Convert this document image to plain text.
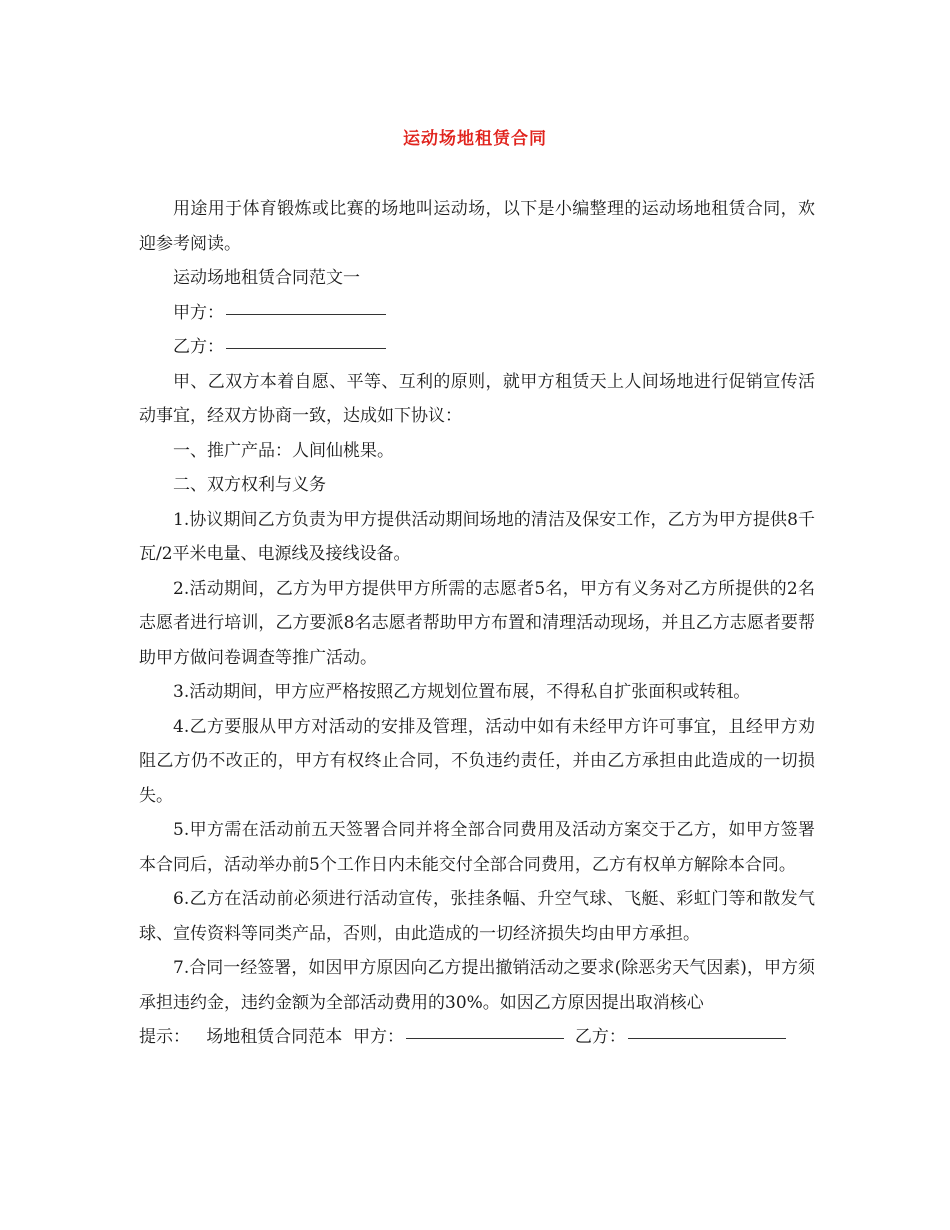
运动场地租赁合同

用途用于体育锻炼或比赛的场地叫运动场，以下是小编整理的运动场地租赁合同，欢迎参考阅读。

运动场地租赁合同范文一

甲方：

乙方：

甲、乙双方本着自愿、平等、互利的原则，就甲方租赁天上人间场地进行促销宣传活动事宜，经双方协商一致，达成如下协议：

一、推广产品：人间仙桃果。

二、双方权利与义务

1.协议期间乙方负责为甲方提供活动期间场地的清洁及保安工作，乙方为甲方提供8千瓦/2平米电量、电源线及接线设备。

2.活动期间，乙方为甲方提供甲方所需的志愿者5名，甲方有义务对乙方所提供的2名志愿者进行培训，乙方要派8名志愿者帮助甲方布置和清理活动现场，并且乙方志愿者要帮助甲方做问卷调查等推广活动。

3.活动期间，甲方应严格按照乙方规划位置布展，不得私自扩张面积或转租。

4.乙方要服从甲方对活动的安排及管理，活动中如有未经甲方许可事宜，且经甲方劝阻乙方仍不改正的，甲方有权终止合同，不负违约责任，并由乙方承担由此造成的一切损失。

5.甲方需在活动前五天签署合同并将全部合同费用及活动方案交于乙方，如甲方签署本合同后，活动举办前5个工作日内未能交付全部合同费用，乙方有权单方解除本合同。

6.乙方在活动前必须进行活动宣传，张挂条幅、升空气球、飞艇、彩虹门等和散发气球、宣传资料等同类产品，否则，由此造成的一切经济损失均由甲方承担。

7.合同一经签署，如因甲方原因向乙方提出撤销活动之要求(除恶劣天气因素)，甲方须承担违约金，违约金额为全部活动费用的30%。如因乙方原因提出取消核心

提示： 场地租赁合同范本 甲方：	乙方：
